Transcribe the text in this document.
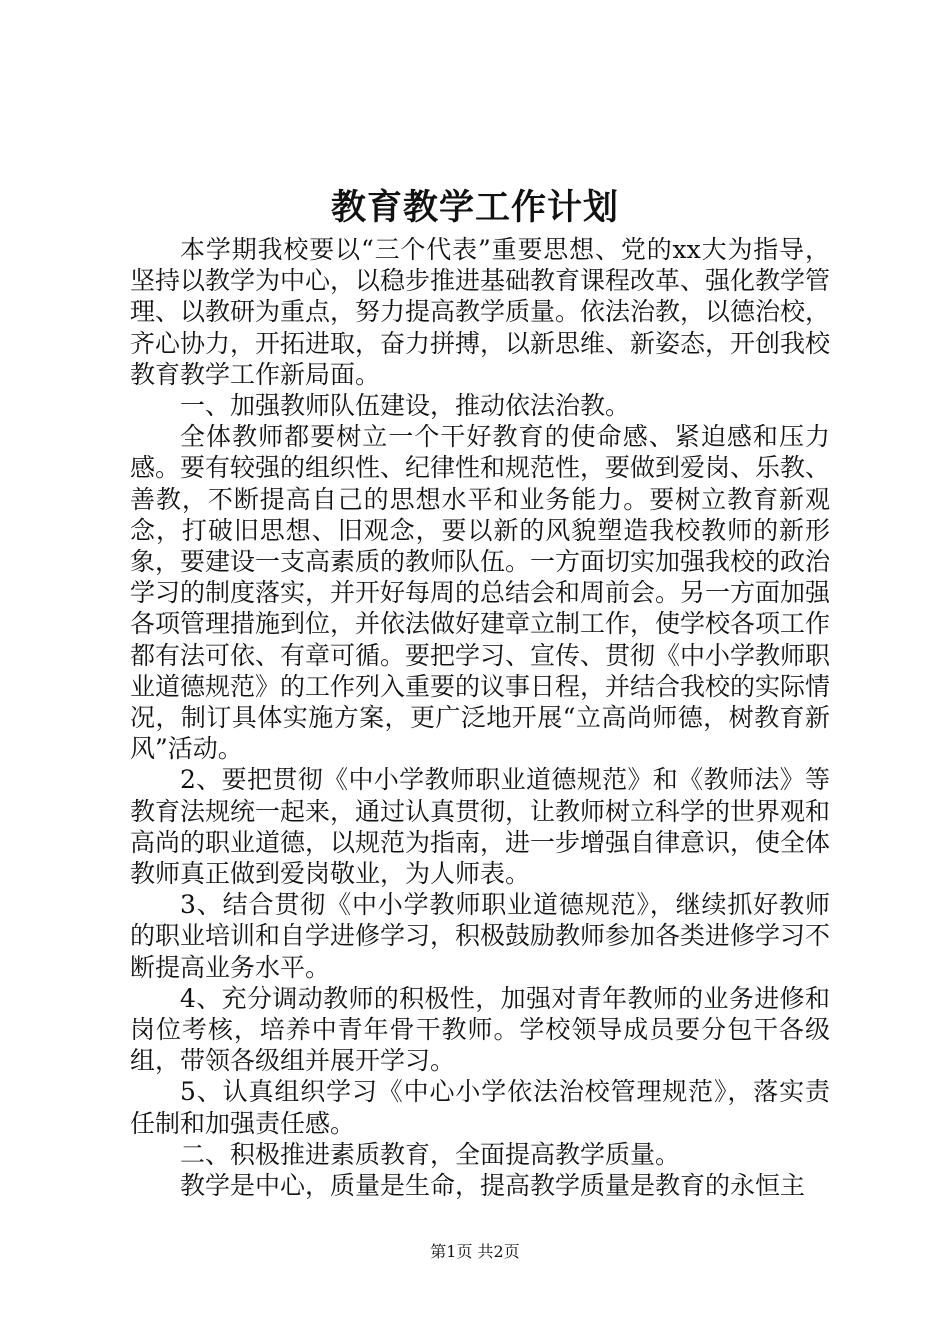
教育教学工作计划

本学期我校要以“三个代表”重要思想、党的xx大为指导，坚持以教学为中心，以稳步推进基础教育课程改革、强化教学管理、以教研为重点，努力提高教学质量。依法治教，以德治校，齐心协力，开拓进取，奋力拼搏，以新思维、新姿态，开创我校教育教学工作新局面。

一、加强教师队伍建设，推动依法治教。

全体教师都要树立一个干好教育的使命感、紧迫感和压力感。要有较强的组织性、纪律性和规范性，要做到爱岗、乐教、善教，不断提高自己的思想水平和业务能力。要树立教育新观念，打破旧思想、旧观念，要以新的风貌塑造我校教师的新形象，要建设一支高素质的教师队伍。一方面切实加强我校的政治学习的制度落实，并开好每周的总结会和周前会。另一方面加强各项管理措施到位，并依法做好建章立制工作，使学校各项工作都有法可依、有章可循。要把学习、宣传、贯彻《中小学教师职业道德规范》的工作列入重要的议事日程，并结合我校的实际情况，制订具体实施方案，更广泛地开展“立高尚师德，树教育新风”活动。

2、要把贯彻《中小学教师职业道德规范》和《教师法》等教育法规统一起来，通过认真贯彻，让教师树立科学的世界观和高尚的职业道德，以规范为指南，进一步增强自律意识，使全体教师真正做到爱岗敬业，为人师表。

3、结合贯彻《中小学教师职业道德规范》，继续抓好教师的职业培训和自学进修学习，积极鼓励教师参加各类进修学习不断提高业务水平。

4、充分调动教师的积极性，加强对青年教师的业务进修和岗位考核，培养中青年骨干教师。学校领导成员要分包干各级组，带领各级组并展开学习。

5、认真组织学习《中心小学依法治校管理规范》，落实责任制和加强责任感。

二、积极推进素质教育，全面提高教学质量。

教学是中心，质量是生命，提高教学质量是教育的永恒主

第1页 共2页
